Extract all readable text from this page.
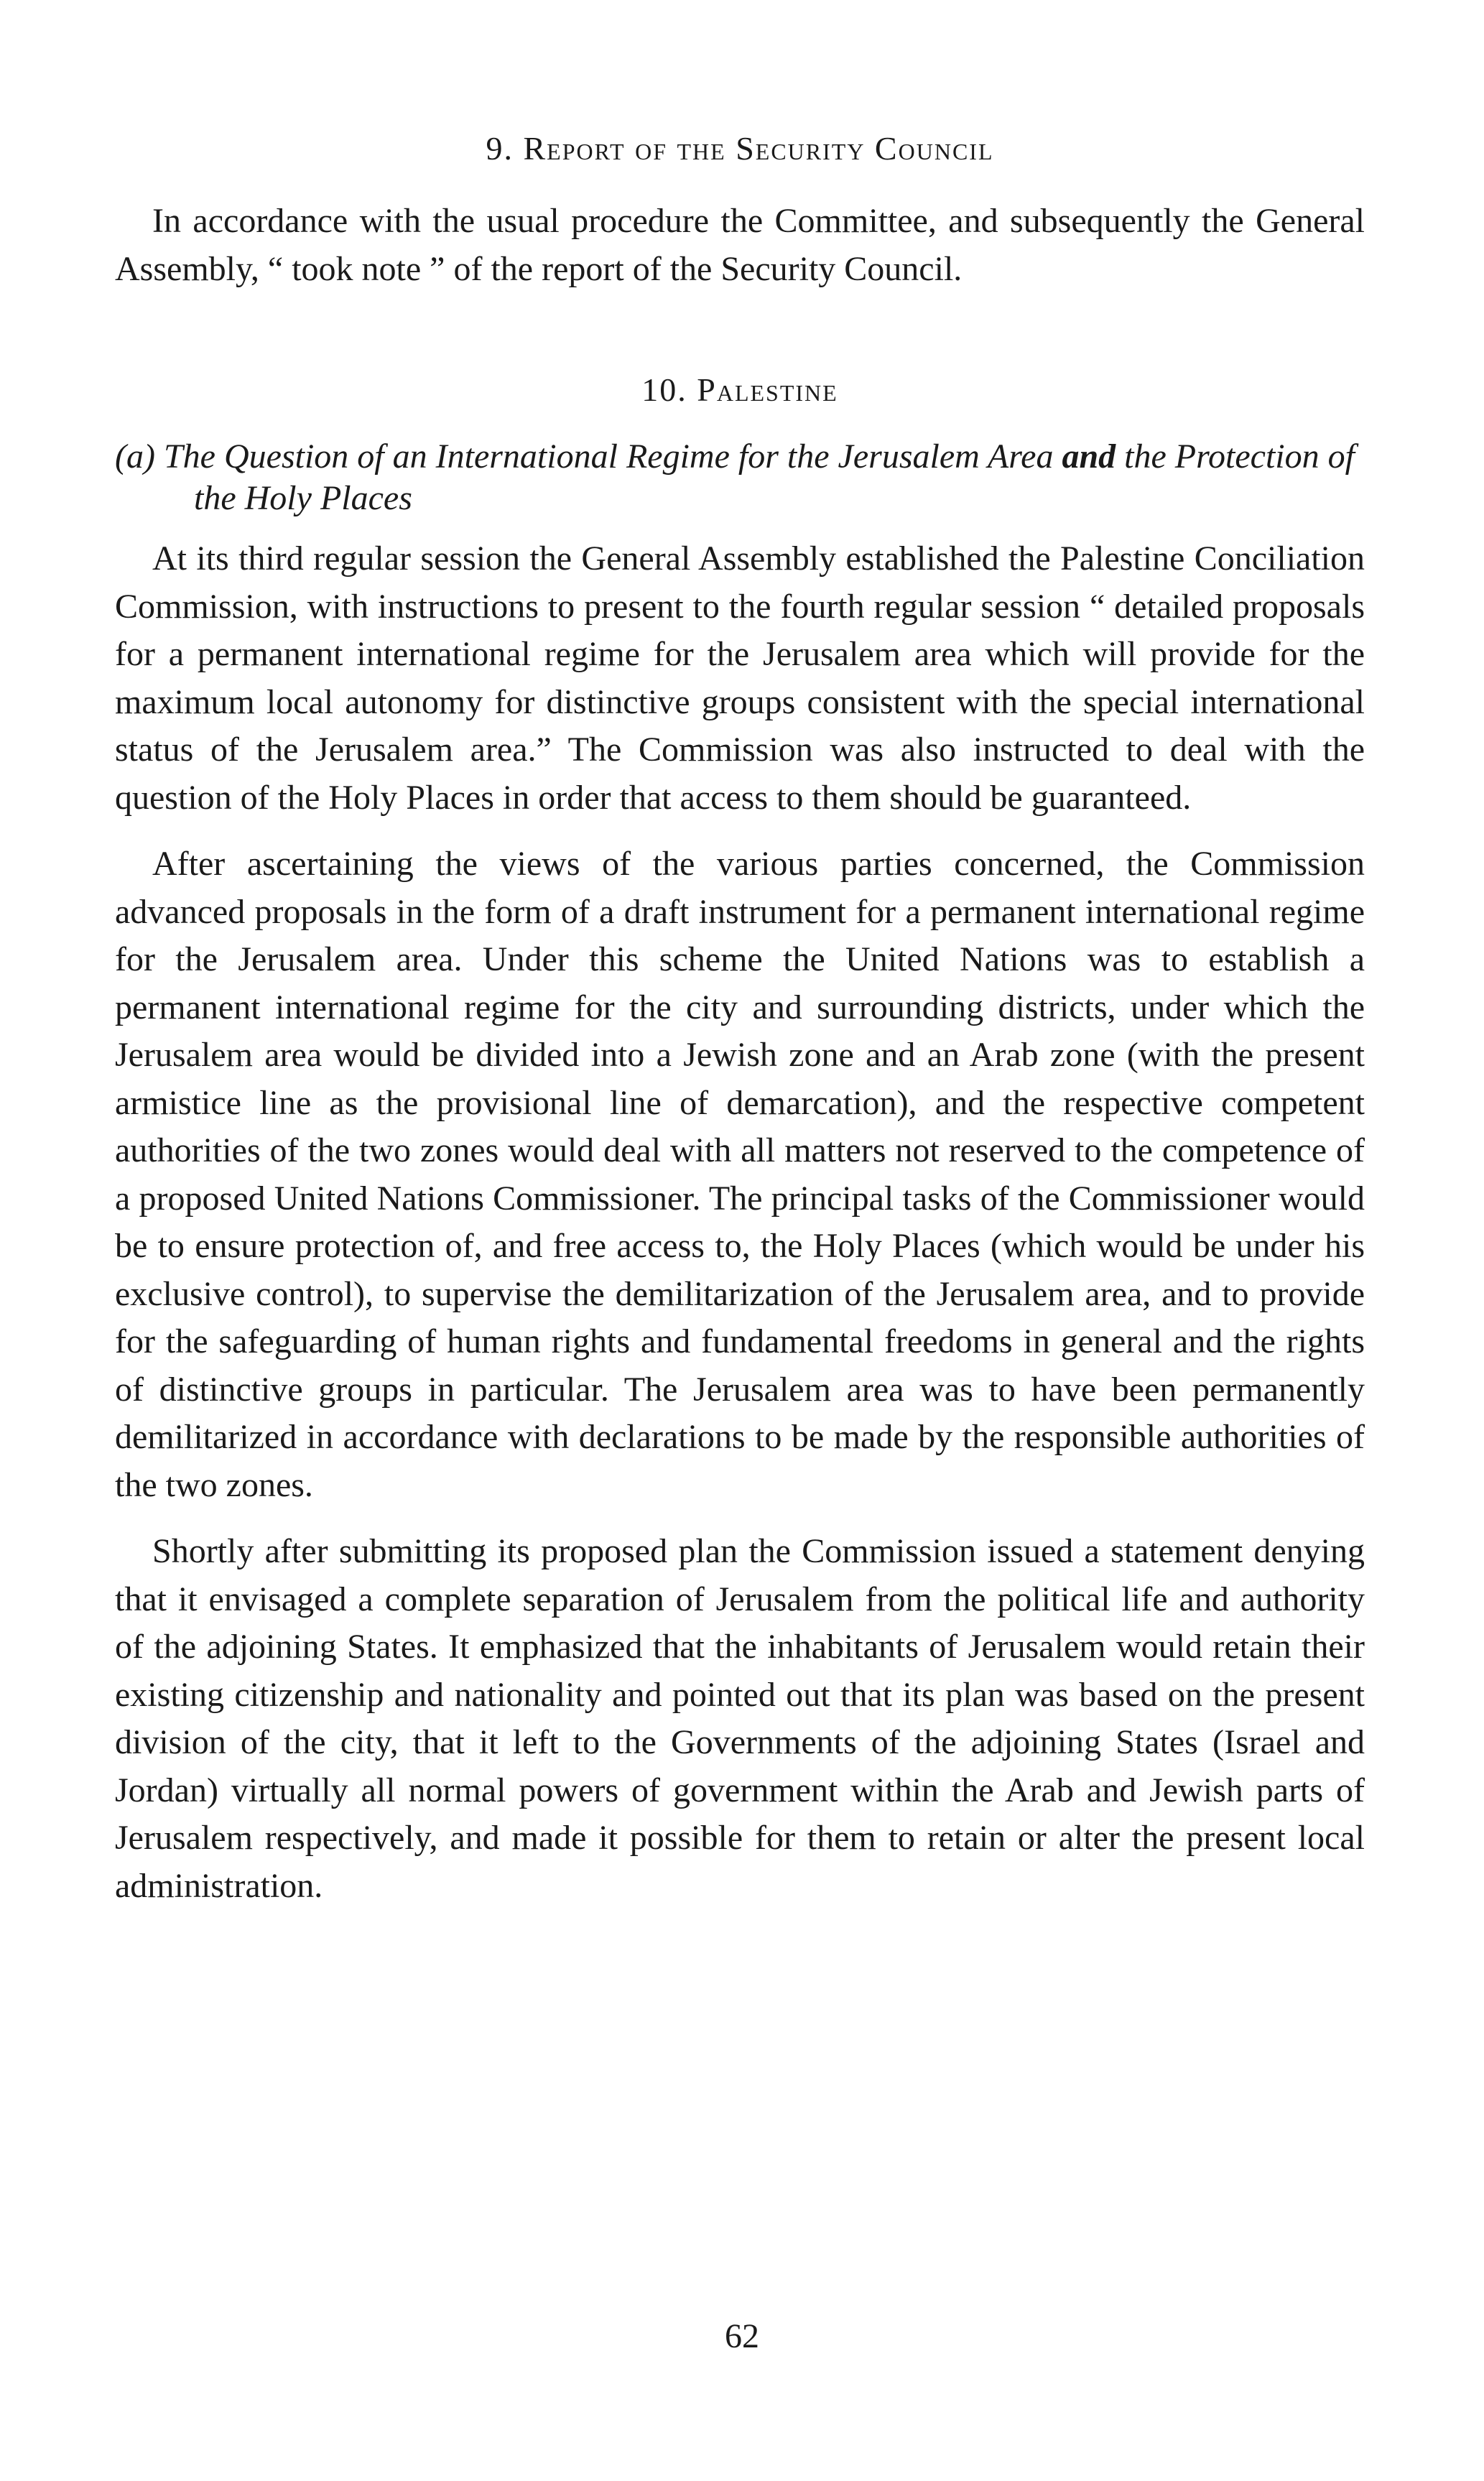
9. Report of the Security Council

In accordance with the usual procedure the Committee, and subsequently the General Assembly, “ took note ” of the report of the Security Council.

10. Palestine
(a) The Question of an International Regime for the Jerusalem Area and the Protection of the Holy Places

At its third regular session the General Assembly established the Palestine Conciliation Commission, with instructions to present to the fourth regular session “ detailed proposals for a permanent international regime for the Jerusalem area which will provide for the maximum local autonomy for distinctive groups consistent with the special international status of the Jerusalem area.” The Commission was also instructed to deal with the question of the Holy Places in order that access to them should be guaranteed.

After ascertaining the views of the various parties concerned, the Commission advanced proposals in the form of a draft instrument for a permanent international regime for the Jerusalem area. Under this scheme the United Nations was to establish a permanent international regime for the city and surrounding districts, under which the Jerusalem area would be divided into a Jewish zone and an Arab zone (with the present armistice line as the provisional line of demarcation), and the respective competent authorities of the two zones would deal with all matters not reserved to the competence of a proposed United Nations Commissioner. The principal tasks of the Commissioner would be to ensure protection of, and free access to, the Holy Places (which would be under his exclusive control), to supervise the demilitarization of the Jerusalem area, and to provide for the safeguarding of human rights and fundamental freedoms in general and the rights of distinctive groups in particular. The Jerusalem area was to have been permanently demilitarized in accordance with declarations to be made by the responsible authorities of the two zones.

Shortly after submitting its proposed plan the Commission issued a statement denying that it envisaged a complete separation of Jerusalem from the political life and authority of the adjoining States. It emphasized that the inhabitants of Jerusalem would retain their existing citizenship and nationality and pointed out that its plan was based on the present division of the city, that it left to the Governments of the adjoining States (Israel and Jordan) virtually all normal powers of government within the Arab and Jewish parts of Jerusalem respectively, and made it possible for them to retain or alter the present local administration.

62
